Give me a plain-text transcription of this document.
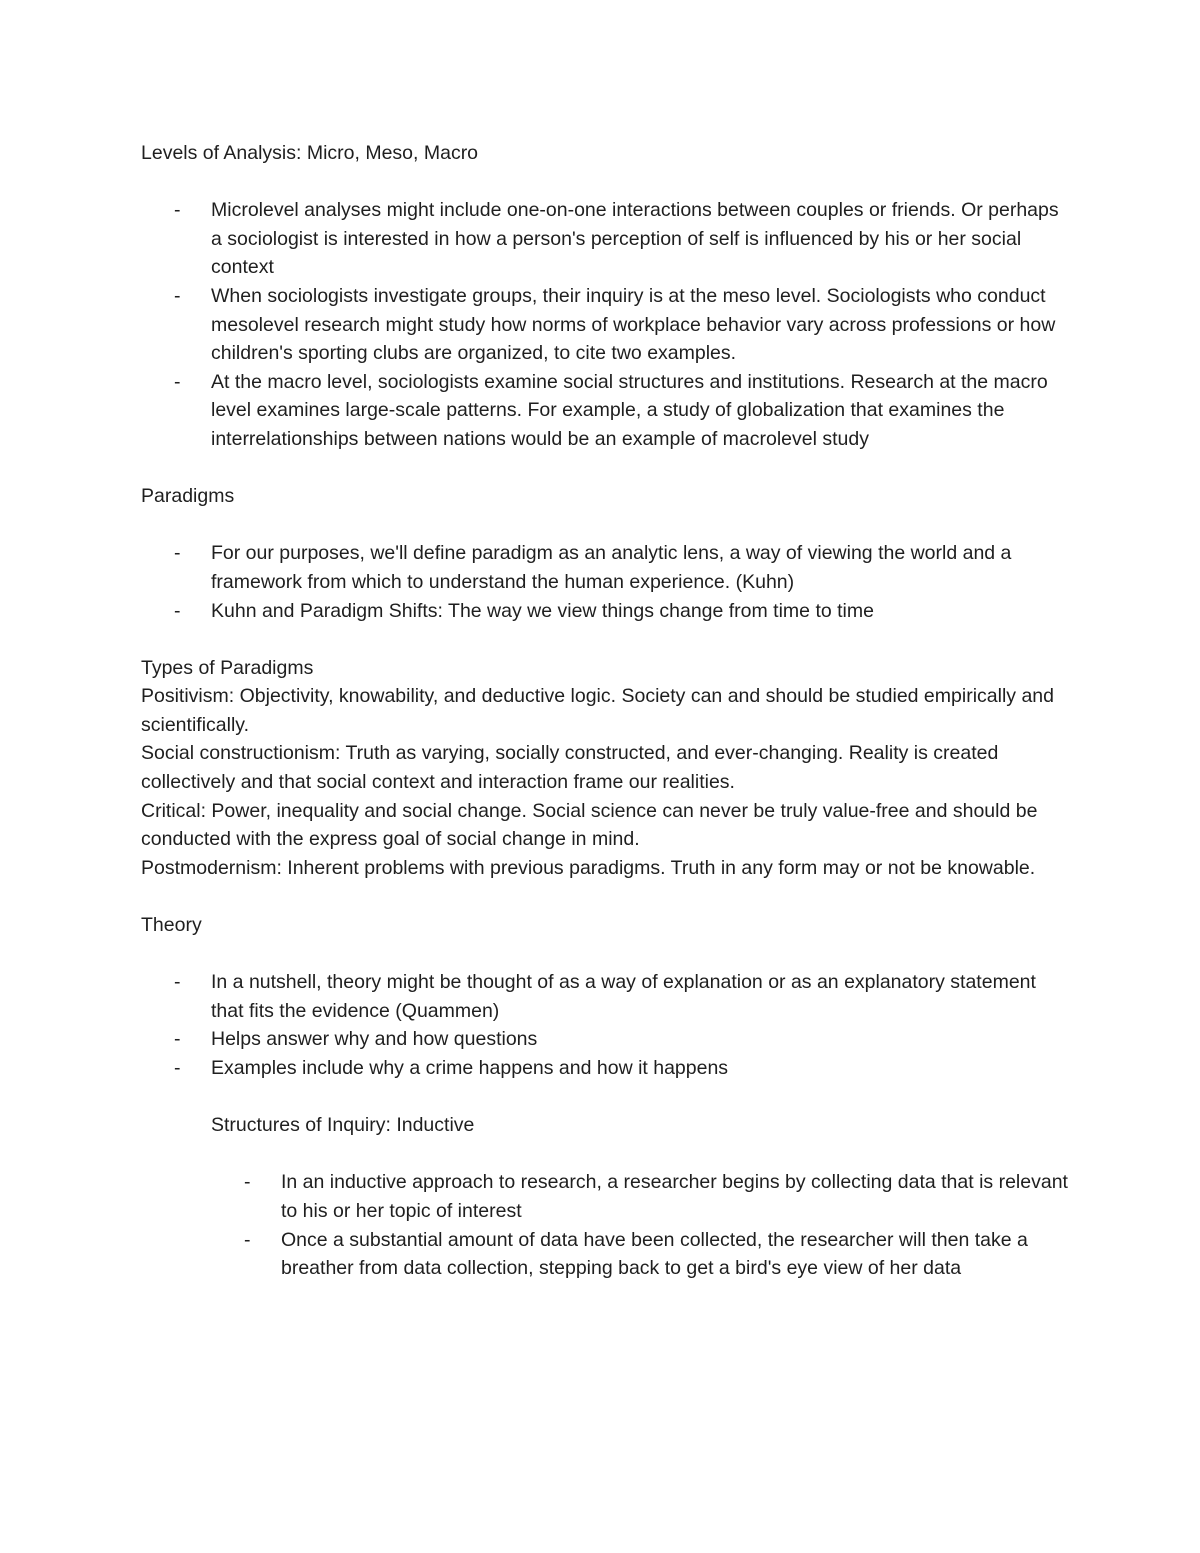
Levels of Analysis: Micro, Meso, Macro

- Microlevel analyses might include one-on-one interactions between couples or friends. Or perhaps a sociologist is interested in how a person's perception of self is influenced by his or her social context
- When sociologists investigate groups, their inquiry is at the meso level. Sociologists who conduct mesolevel research might study how norms of workplace behavior vary across professions or how children's sporting clubs are organized, to cite two examples.
- At the macro level, sociologists examine social structures and institutions. Research at the macro level examines large-scale patterns. For example, a study of globalization that examines the interrelationships between nations would be an example of macrolevel study

Paradigms

- For our purposes, we'll define paradigm as an analytic lens, a way of viewing the world and a framework from which to understand the human experience. (Kuhn)
- Kuhn and Paradigm Shifts: The way we view things change from time to time

Types of Paradigms

Positivism: Objectivity, knowability, and deductive logic. Society can and should be studied empirically and scientifically.

Social constructionism: Truth as varying, socially constructed, and ever-changing. Reality is created collectively and that social context and interaction frame our realities.

Critical: Power, inequality and social change. Social science can never be truly value-free and should be conducted with the express goal of social change in mind.

Postmodernism: Inherent problems with previous paradigms. Truth in any form may or not be knowable.

Theory

- In a nutshell, theory might be thought of as a way of explanation or as an explanatory statement that fits the evidence (Quammen)
- Helps answer why and how questions
- Examples include why a crime happens and how it happens

Structures of Inquiry: Inductive

- In an inductive approach to research, a researcher begins by collecting data that is relevant to his or her topic of interest
- Once a substantial amount of data have been collected, the researcher will then take a breather from data collection, stepping back to get a bird's eye view of her data
